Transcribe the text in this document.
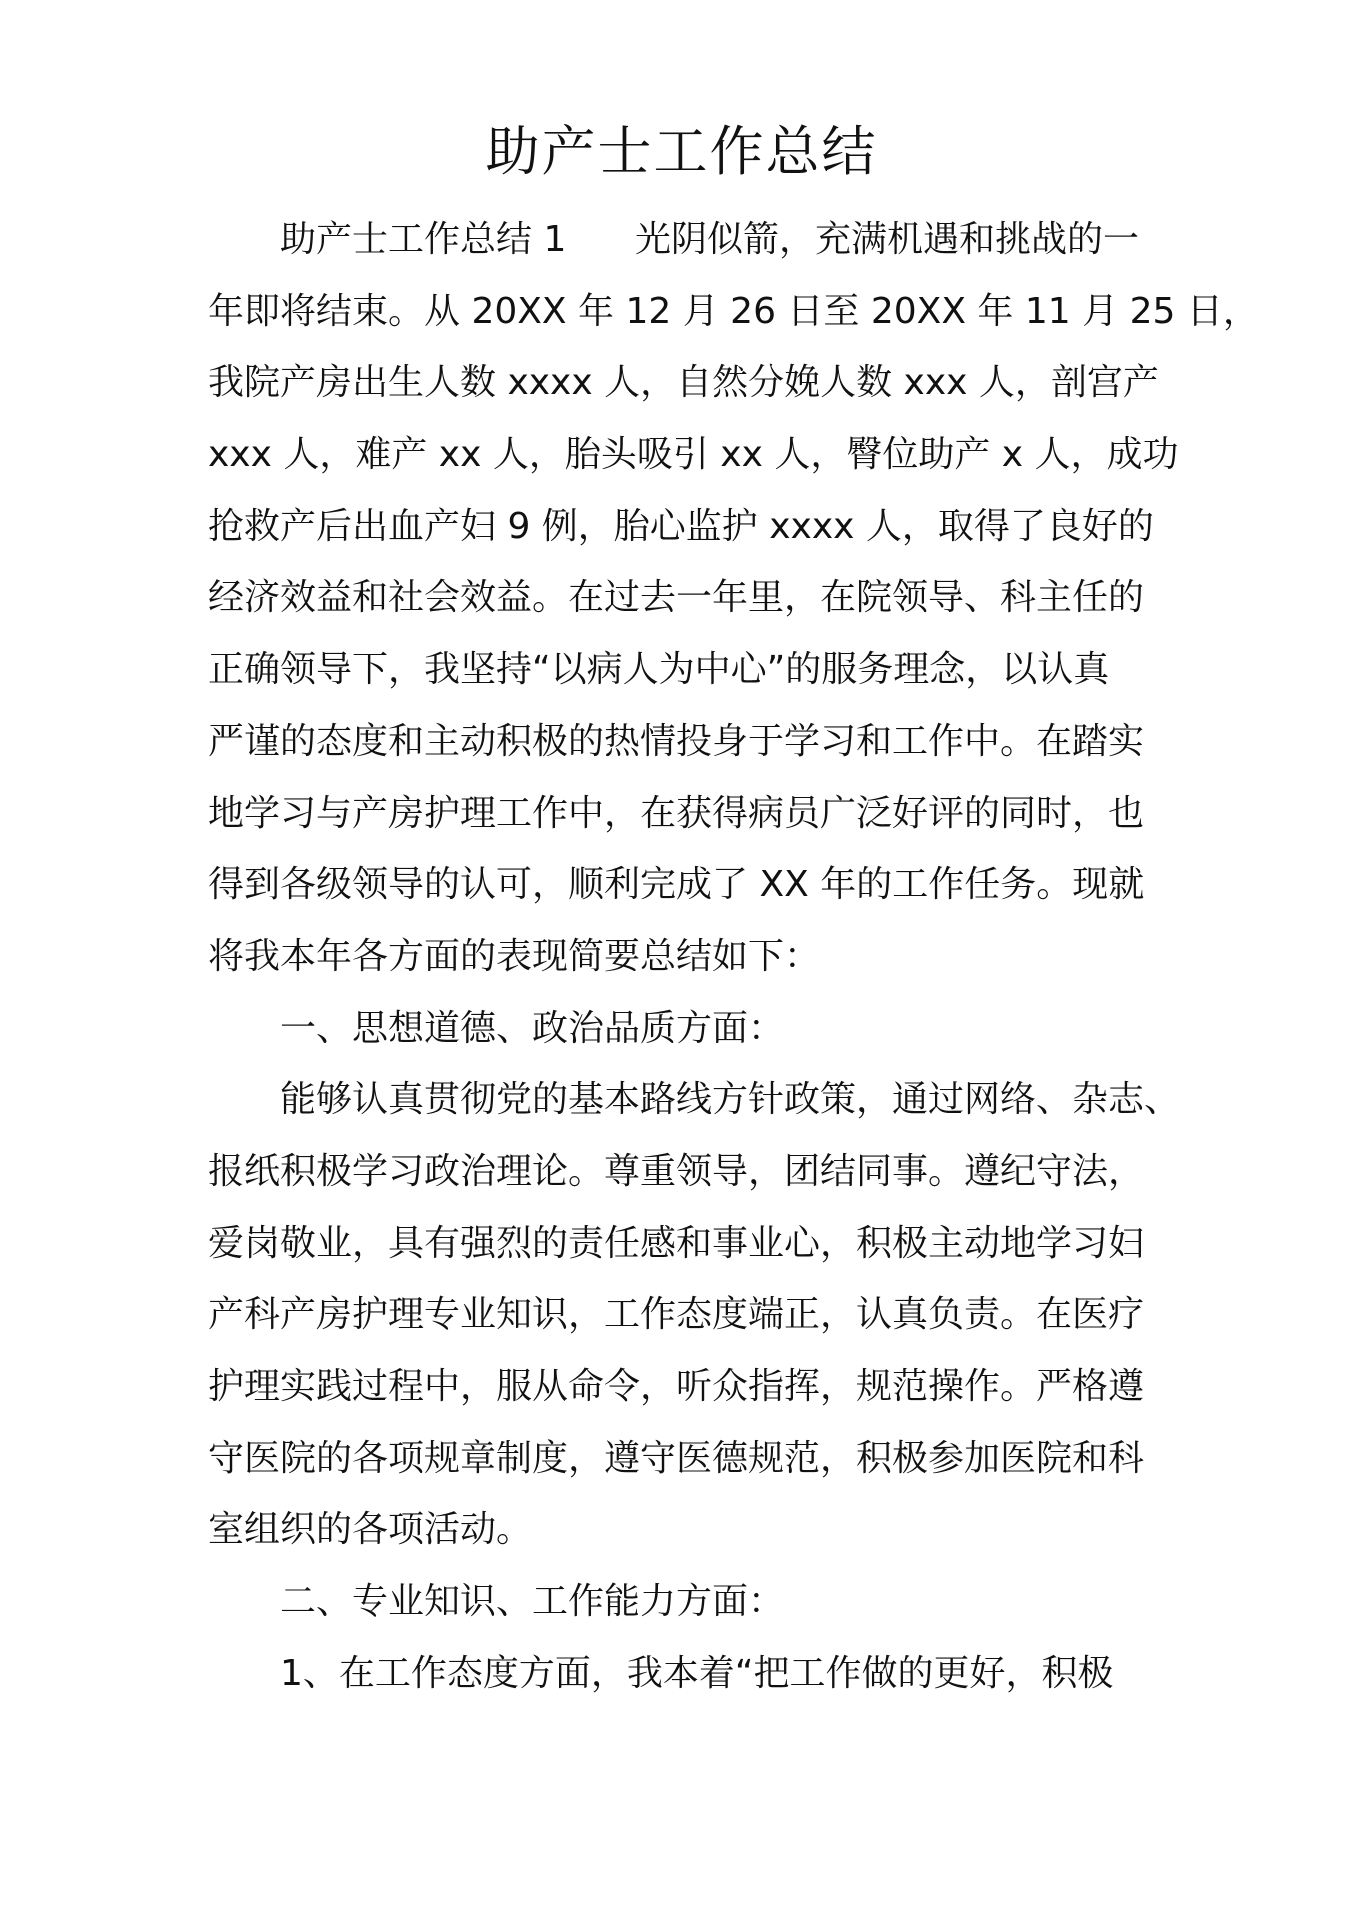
助产士工作总结
助产士工作总结 1      光阴似箭，充满机遇和挑战的一
年即将结束。从 20XX 年 12 月 26 日至 20XX 年 11 月 25 日，
我院产房出生人数 xxxx 人，自然分娩人数 xxx 人，剖宫产
xxx 人，难产 xx 人，胎头吸引 xx 人，臀位助产 x 人，成功
抢救产后出血产妇 9 例，胎心监护 xxxx 人，取得了良好的
经济效益和社会效益。在过去一年里，在院领导、科主任的
正确领导下，我坚持“以病人为中心”的服务理念，以认真
严谨的态度和主动积极的热情投身于学习和工作中。在踏实
地学习与产房护理工作中，在获得病员广泛好评的同时，也
得到各级领导的认可，顺利完成了 XX 年的工作任务。现就
将我本年各方面的表现简要总结如下：
一、思想道德、政治品质方面：
能够认真贯彻党的基本路线方针政策，通过网络、杂志、
报纸积极学习政治理论。尊重领导，团结同事。遵纪守法，
爱岗敬业，具有强烈的责任感和事业心，积极主动地学习妇
产科产房护理专业知识，工作态度端正，认真负责。在医疗
护理实践过程中，服从命令，听众指挥，规范操作。严格遵
守医院的各项规章制度，遵守医德规范，积极参加医院和科
室组织的各项活动。
二、专业知识、工作能力方面：
1、在工作态度方面，我本着“把工作做的更好，积极
